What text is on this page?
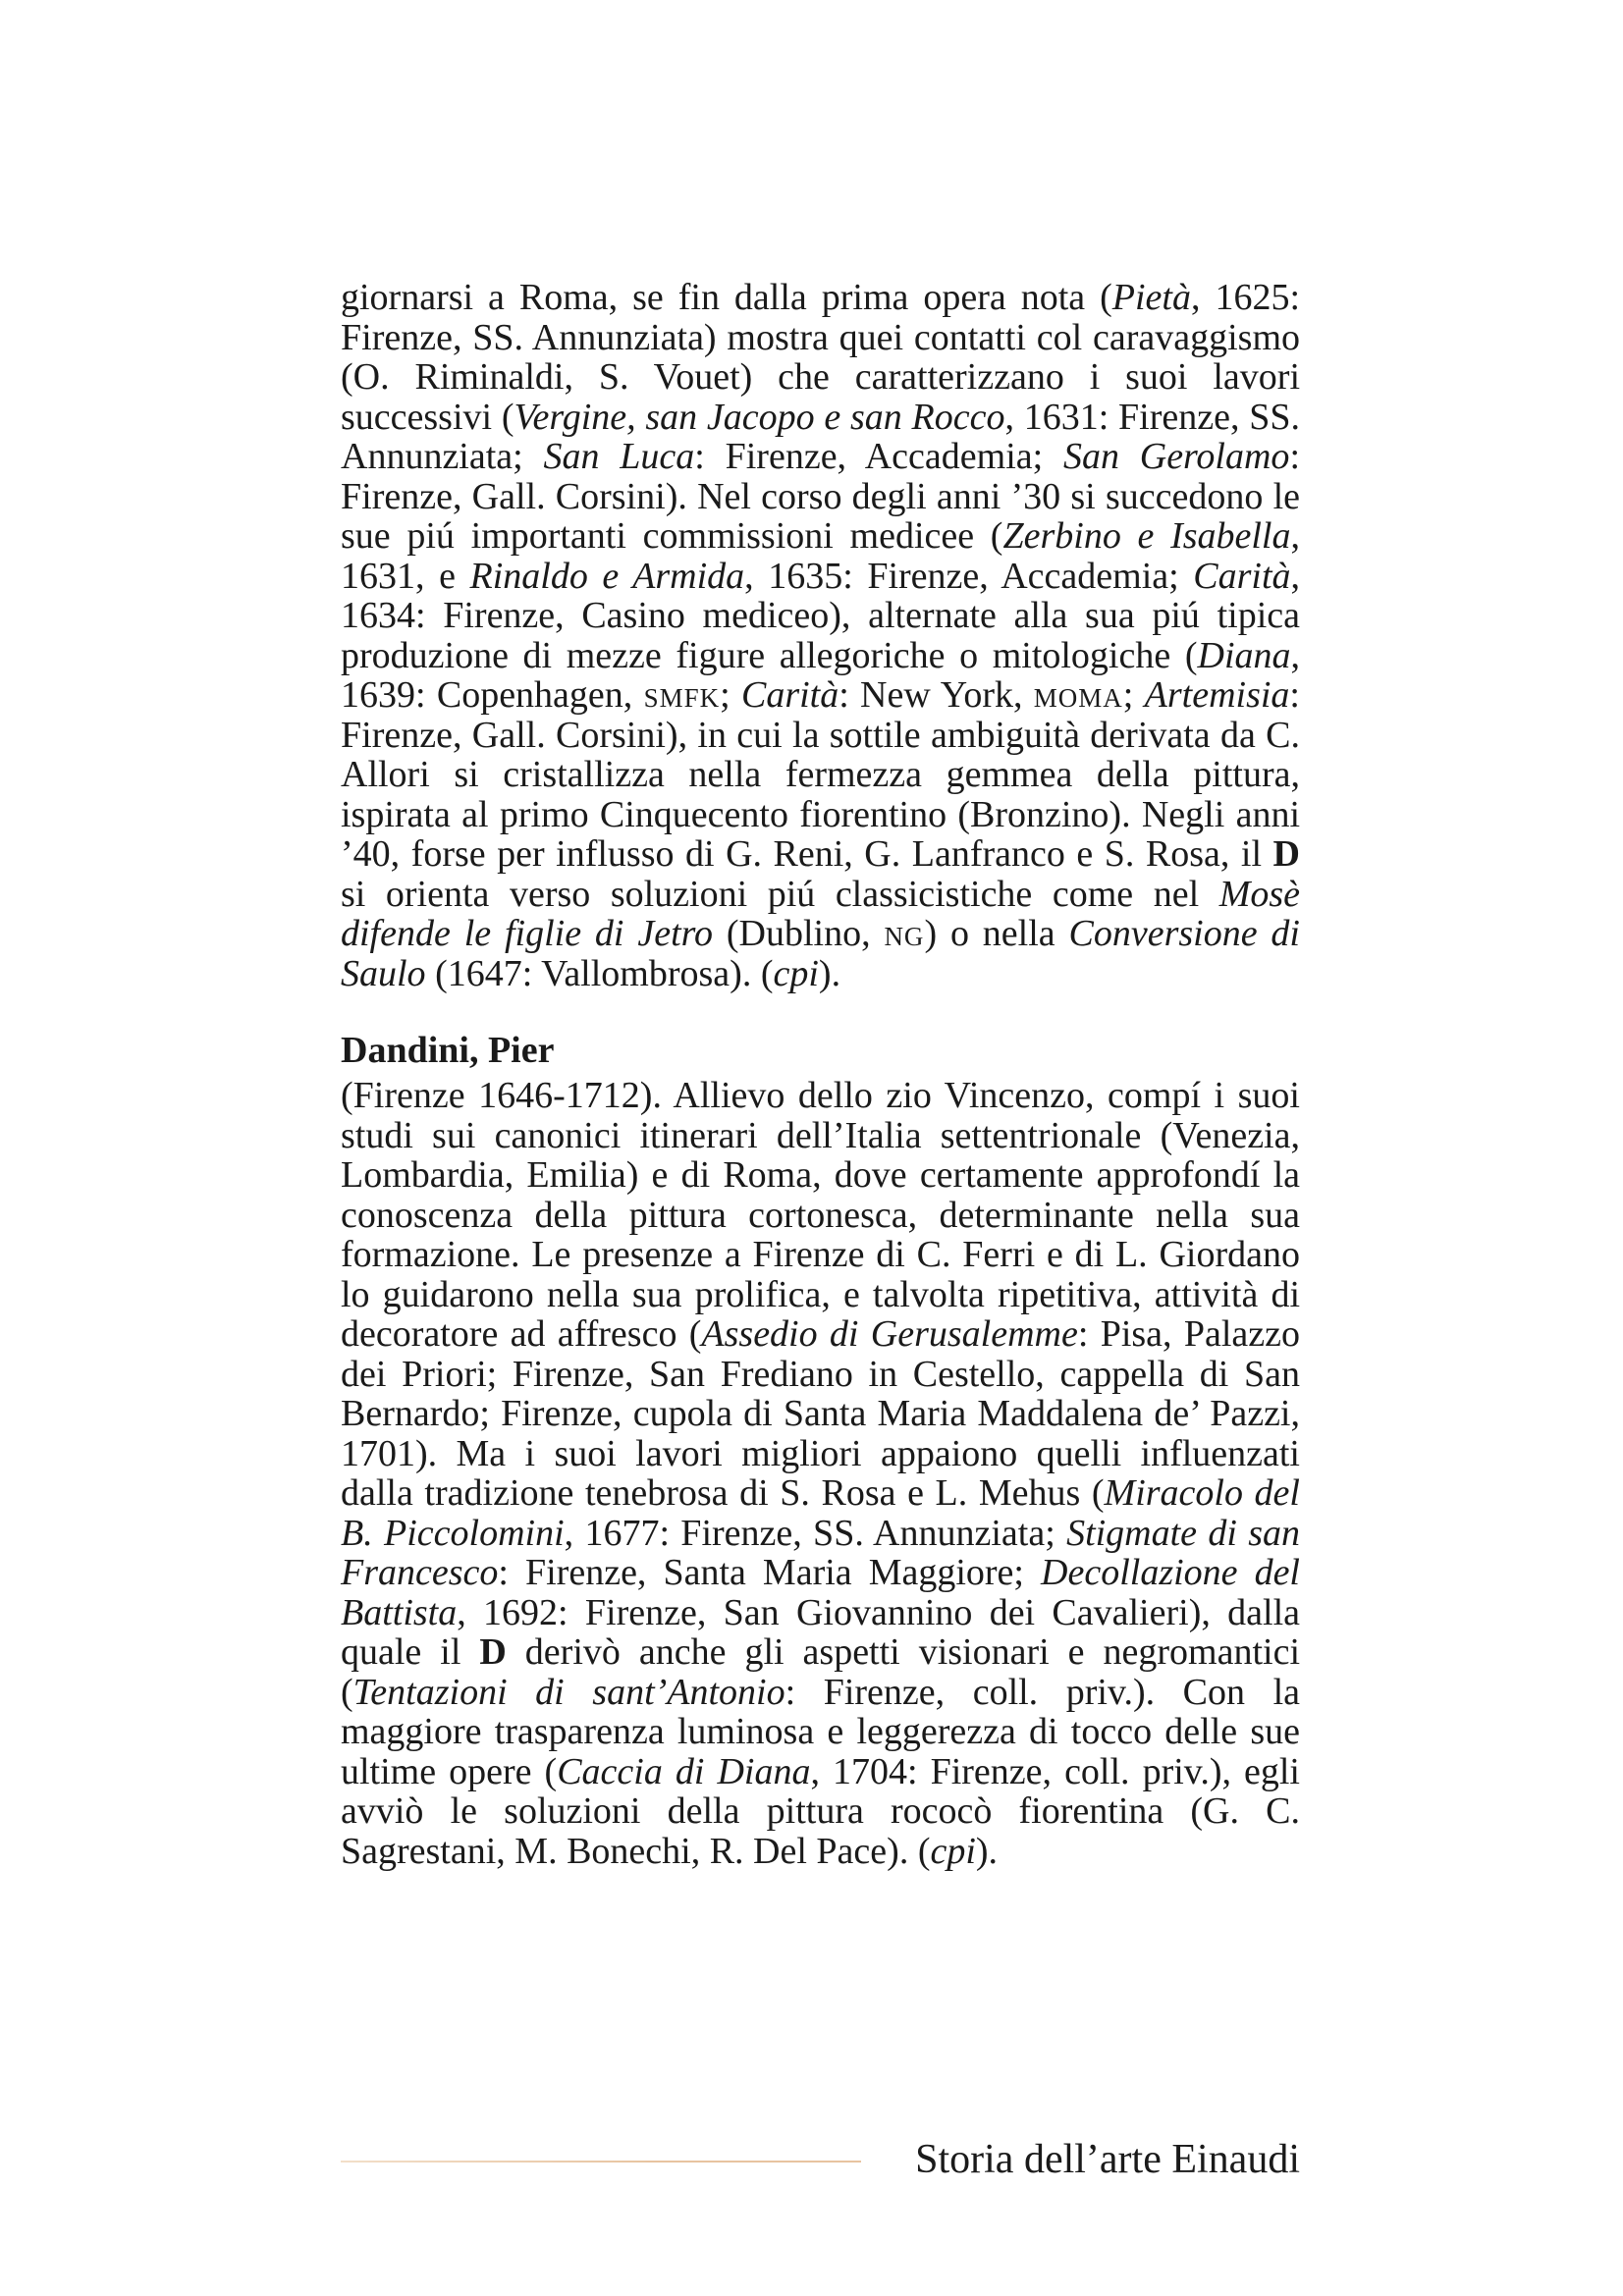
giornarsi a Roma, se fin dalla prima opera nota (Pietà, 1625: Firenze, SS. Annunziata) mostra quei contatti col caravaggismo (O. Riminaldi, S. Vouet) che caratterizzano i suoi lavori successivi (Vergine, san Jacopo e san Rocco, 1631: Firenze, SS. Annunziata; San Luca: Firenze, Accademia; San Gerolamo: Firenze, Gall. Corsini). Nel corso degli anni ’30 si succedono le sue piú importanti commissioni medicee (Zerbino e Isabella, 1631, e Rinaldo e Armida, 1635: Firenze, Accademia; Carità, 1634: Firenze, Casino mediceo), alternate alla sua piú tipica produzione di mezze figure allegoriche o mitologiche (Diana, 1639: Copenhagen, smfk; Carità: New York, moma; Artemisia: Firenze, Gall. Corsini), in cui la sottile ambiguità derivata da C. Allori si cristallizza nella fermezza gemmea della pittura, ispirata al primo Cinquecento fiorentino (Bronzino). Negli anni ’40, forse per influsso di G. Reni, G. Lanfranco e S. Rosa, il D si orienta verso soluzioni piú classicistiche come nel Mosè difende le figlie di Jetro (Dublino, ng) o nella Conversione di Saulo (1647: Vallombrosa). (cpi).

Dandini, Pier

(Firenze 1646-1712). Allievo dello zio Vincenzo, compí i suoi studi sui canonici itinerari dell’Italia settentrionale (Venezia, Lombardia, Emilia) e di Roma, dove certamente approfondí la conoscenza della pittura cortonesca, determinante nella sua formazione. Le presenze a Firenze di C. Ferri e di L. Giordano lo guidarono nella sua prolifica, e talvolta ripetitiva, attività di decoratore ad affresco (Assedio di Gerusalemme: Pisa, Palazzo dei Priori; Firenze, San Frediano in Cestello, cappella di San Bernardo; Firenze, cupola di Santa Maria Maddalena de’ Pazzi, 1701). Ma i suoi lavori migliori appaiono quelli influenzati dalla tradizione tenebrosa di S. Rosa e L. Mehus (Miracolo del B. Piccolomini, 1677: Firenze, SS. Annunziata; Stigmate di san Francesco: Firenze, Santa Maria Maggiore; Decollazione del Battista, 1692: Firenze, San Giovannino dei Cavalieri), dalla quale il D derivò anche gli aspetti visionari e negromantici (Tentazioni di sant’Antonio: Firenze, coll. priv.). Con la maggiore trasparenza luminosa e leggerezza di tocco delle sue ultime opere (Caccia di Diana, 1704: Firenze, coll. priv.), egli avviò le soluzioni della pittura rococò fiorentina (G. C. Sagrestani, M. Bonechi, R. Del Pace). (cpi).

Storia dell’arte Einaudi
